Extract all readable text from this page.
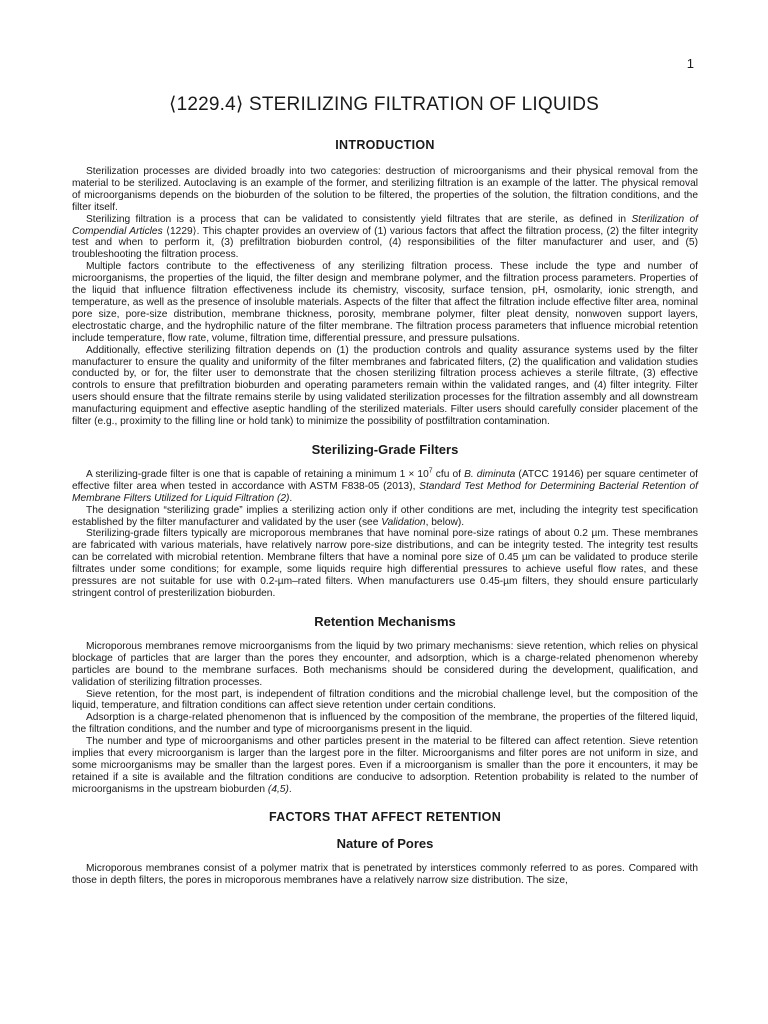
1
⟨1229.4⟩ STERILIZING FILTRATION OF LIQUIDS
INTRODUCTION

Sterilization processes are divided broadly into two categories: destruction of microorganisms and their physical removal from the material to be sterilized. Autoclaving is an example of the former, and sterilizing filtration is an example of the latter. The physical removal of microorganisms depends on the bioburden of the solution to be filtered, the properties of the solution, the filtration conditions, and the filter itself.

Sterilizing filtration is a process that can be validated to consistently yield filtrates that are sterile, as defined in Sterilization of Compendial Articles ⟨1229⟩. This chapter provides an overview of (1) various factors that affect the filtration process, (2) the filter integrity test and when to perform it, (3) prefiltration bioburden control, (4) responsibilities of the filter manufacturer and user, and (5) troubleshooting the filtration process.

Multiple factors contribute to the effectiveness of any sterilizing filtration process. These include the type and number of microorganisms, the properties of the liquid, the filter design and membrane polymer, and the filtration process parameters. Properties of the liquid that influence filtration effectiveness include its chemistry, viscosity, surface tension, pH, osmolarity, ionic strength, and temperature, as well as the presence of insoluble materials. Aspects of the filter that affect the filtration include effective filter area, nominal pore size, pore-size distribution, membrane thickness, porosity, membrane polymer, filter pleat density, nonwoven support layers, electrostatic charge, and the hydrophilic nature of the filter membrane. The filtration process parameters that influence microbial retention include temperature, flow rate, volume, filtration time, differential pressure, and pressure pulsations.

Additionally, effective sterilizing filtration depends on (1) the production controls and quality assurance systems used by the filter manufacturer to ensure the quality and uniformity of the filter membranes and fabricated filters, (2) the qualification and validation studies conducted by, or for, the filter user to demonstrate that the chosen sterilizing filtration process achieves a sterile filtrate, (3) effective controls to ensure that prefiltration bioburden and operating parameters remain within the validated ranges, and (4) filter integrity. Filter users should ensure that the filtrate remains sterile by using validated sterilization processes for the filtration assembly and all downstream manufacturing equipment and effective aseptic handling of the sterilized materials. Filter users should carefully consider placement of the filter (e.g., proximity to the filling line or hold tank) to minimize the possibility of postfiltration contamination.

Sterilizing-Grade Filters

A sterilizing-grade filter is one that is capable of retaining a minimum $1 \times 10^7$ cfu of B. diminuta (ATCC 19146) per square centimeter of effective filter area when tested in accordance with ASTM F838-05 (2013), Standard Test Method for Determining Bacterial Retention of Membrane Filters Utilized for Liquid Filtration (2).

The designation “sterilizing grade” implies a sterilizing action only if other conditions are met, including the integrity test specification established by the filter manufacturer and validated by the user (see Validation, below).

Sterilizing-grade filters typically are microporous membranes that have nominal pore-size ratings of about 0.2 µm. These membranes are fabricated with various materials, have relatively narrow pore-size distributions, and can be integrity tested. The integrity test results can be correlated with microbial retention. Membrane filters that have a nominal pore size of 0.45 µm can be validated to produce sterile filtrates under some conditions; for example, some liquids require high differential pressures to achieve useful flow rates, and these pressures are not suitable for use with 0.2-µm–rated filters. When manufacturers use 0.45-µm filters, they should ensure particularly stringent control of presterilization bioburden.

Retention Mechanisms

Microporous membranes remove microorganisms from the liquid by two primary mechanisms: sieve retention, which relies on physical blockage of particles that are larger than the pores they encounter, and adsorption, which is a charge-related phenomenon whereby particles are bound to the membrane surfaces. Both mechanisms should be considered during the development, qualification, and validation of sterilizing filtration processes.

Sieve retention, for the most part, is independent of filtration conditions and the microbial challenge level, but the composition of the liquid, temperature, and filtration conditions can affect sieve retention under certain conditions.

Adsorption is a charge-related phenomenon that is influenced by the composition of the membrane, the properties of the filtered liquid, the filtration conditions, and the number and type of microorganisms present in the liquid.

The number and type of microorganisms and other particles present in the material to be filtered can affect retention. Sieve retention implies that every microorganism is larger than the largest pore in the filter. Microorganisms and filter pores are not uniform in size, and some microorganisms may be smaller than the largest pores. Even if a microorganism is smaller than the pore it encounters, it may be retained if a site is available and the filtration conditions are conducive to adsorption. Retention probability is related to the number of microorganisms in the upstream bioburden (4,5).

FACTORS THAT AFFECT RETENTION
Nature of Pores

Microporous membranes consist of a polymer matrix that is penetrated by interstices commonly referred to as pores. Compared with those in depth filters, the pores in microporous membranes have a relatively narrow size distribution. The size,
